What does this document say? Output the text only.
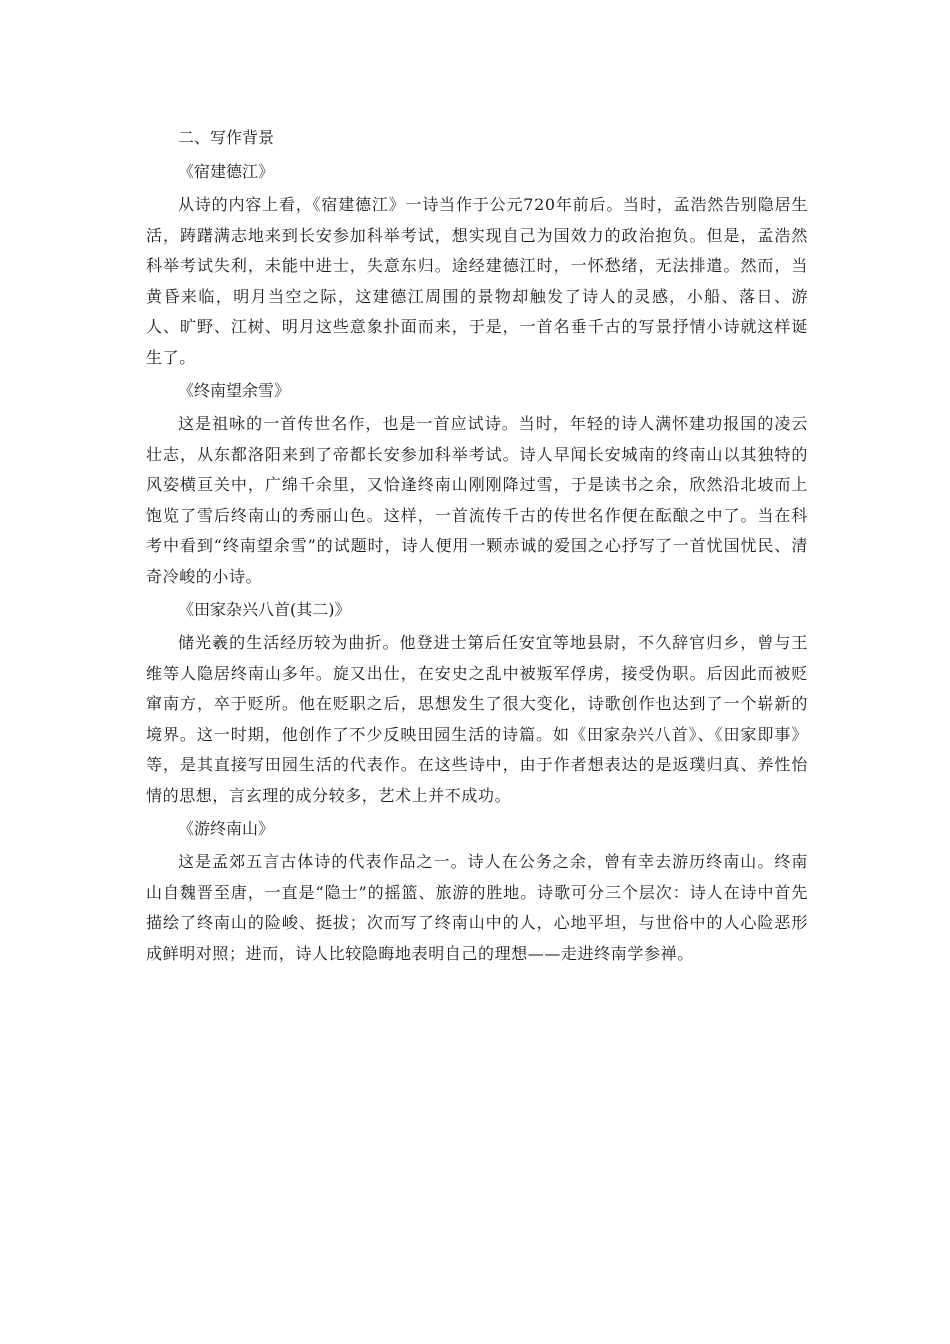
二、写作背景
《宿建德江》

从诗的内容上看，《宿建德江》一诗当作于公元720年前后。当时，孟浩然告别隐居生活，踌躇满志地来到长安参加科举考试，想实现自己为国效力的政治抱负。但是，孟浩然科举考试失利，未能中进士，失意东归。途经建德江时，一怀愁绪，无法排遣。然而，当黄昏来临，明月当空之际，这建德江周围的景物却触发了诗人的灵感，小船、落日、游人、旷野、江树、明月这些意象扑面而来，于是，一首名垂千古的写景抒情小诗就这样诞生了。

《终南望余雪》

这是祖咏的一首传世名作，也是一首应试诗。当时，年轻的诗人满怀建功报国的凌云壮志，从东都洛阳来到了帝都长安参加科举考试。诗人早闻长安城南的终南山以其独特的风姿横亘关中，广绵千余里，又恰逢终南山刚刚降过雪，于是读书之余，欣然沿北坡而上饱览了雪后终南山的秀丽山色。这样，一首流传千古的传世名作便在酝酿之中了。当在科考中看到“终南望余雪”的试题时，诗人便用一颗赤诚的爱国之心抒写了一首忧国忧民、清奇冷峻的小诗。

《田家杂兴八首(其二)》

储光羲的生活经历较为曲折。他登进士第后任安宜等地县尉，不久辞官归乡，曾与王维等人隐居终南山多年。旋又出仕，在安史之乱中被叛军俘虏，接受伪职。后因此而被贬窜南方，卒于贬所。他在贬职之后，思想发生了很大变化，诗歌创作也达到了一个崭新的境界。这一时期，他创作了不少反映田园生活的诗篇。如《田家杂兴八首》、《田家即事》等，是其直接写田园生活的代表作。在这些诗中，由于作者想表达的是返璞归真、养性怡情的思想，言玄理的成分较多，艺术上并不成功。

《游终南山》

这是孟郊五言古体诗的代表作品之一。诗人在公务之余，曾有幸去游历终南山。终南山自魏晋至唐，一直是“隐士”的摇篮、旅游的胜地。诗歌可分三个层次：诗人在诗中首先描绘了终南山的险峻、挺拔；次而写了终南山中的人，心地平坦，与世俗中的人心险恶形成鲜明对照；进而，诗人比较隐晦地表明自己的理想——走进终南学参禅。
